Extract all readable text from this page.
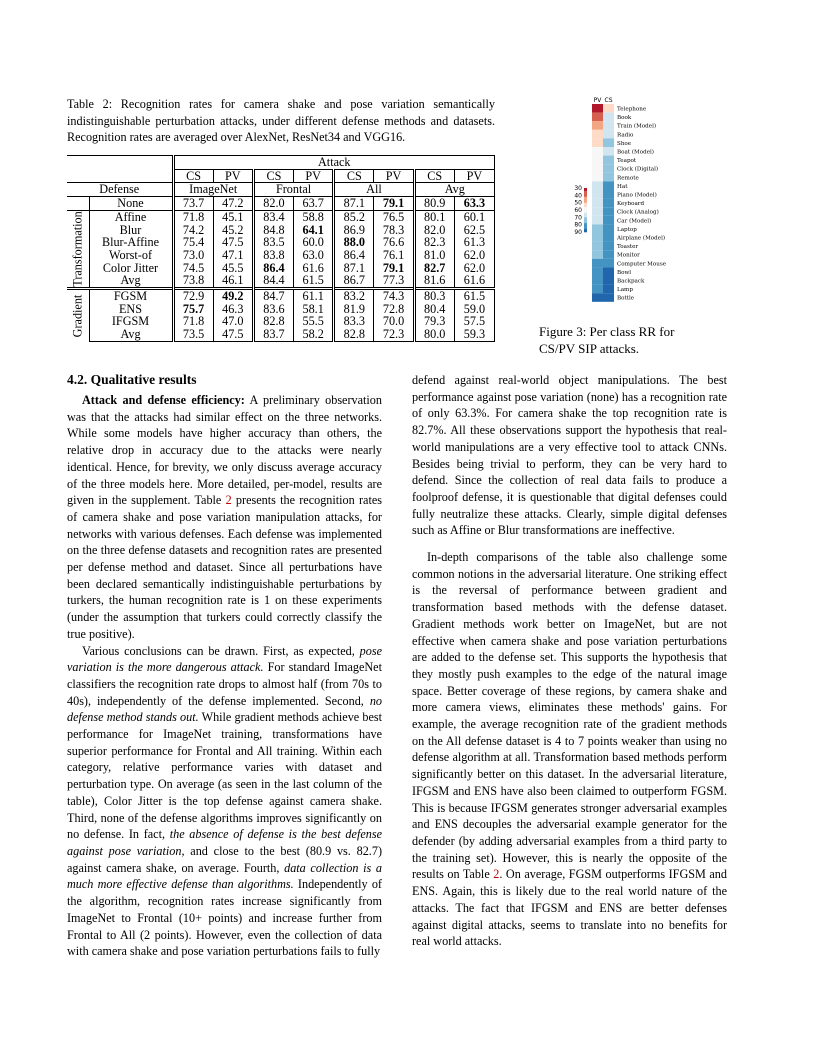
Table 2: Recognition rates for camera shake and pose variation semantically indistinguishable perturbation attacks, under different defense methods and datasets. Recognition rates are averaged over AlexNet, ResNet34 and VGG16.
		Attack							
		CS	PV	CS	PV	CS	PV	CS	PV
Defense		ImageNet		Frontal		All		Avg	
	None	73.7	47.2	82.0	63.7	87.1	79.1	80.9	63.3

Transformation	Affine	71.8	45.1	83.4	58.8	85.2	76.5	80.1	60.1
	Blur	74.2	45.2	84.8	64.1	86.9	78.3	82.0	62.5
	Blur-Affine	75.4	47.5	83.5	60.0	88.0	76.6	82.3	61.3
	Worst-of	73.0	47.1	83.8	63.0	86.4	76.1	81.0	62.0
	Color Jitter	74.5	45.5	86.4	61.6	87.1	79.1	82.7	62.0
	Avg	73.8	46.1	84.4	61.5	86.7	77.3	81.6	61.6

Gradient	FGSM	72.9	49.2	84.7	61.1	83.2	74.3	80.3	61.5
	ENS	75.7	46.3	83.6	58.1	81.9	72.8	80.4	59.0
	IFGSM	71.8	47.0	82.8	55.5	83.3	70.0	79.3	57.5
	Avg	73.5	47.5	83.7	58.2	82.8	72.3	80.0	59.3
PV CS
Telephone
Book
Train (Model)
Radio
Shoe
Boat (Model)
Teapot
Clock (Digital)
Remote
Hat
Piano (Model)
Keyboard
Clock (Analog)
Car (Model)
Laptop
Airplane (Model)
Toaster
Monitor
Computer Mouse
Bowl
Backpack
Lamp
Bottle
30
40
50
60
70
80
90
Figure 3: Per class RR for CS/PV SIP attacks.
4.2. Qualitative results

Attack and defense efficiency: A preliminary observation was that the attacks had similar effect on the three networks. While some models have higher accuracy than others, the relative drop in accuracy due to the attacks were nearly identical. Hence, for brevity, we only discuss average accuracy of the three models here. More detailed, per-model, results are given in the supplement. Table 2 presents the recognition rates of camera shake and pose variation manipulation attacks, for networks with various defenses. Each defense was implemented on the three defense datasets and recognition rates are presented per defense method and dataset. Since all perturbations have been declared semantically indistinguishable perturbations by turkers, the human recognition rate is 1 on these experiments (under the assumption that turkers could correctly classify the true positive).

Various conclusions can be drawn. First, as expected, pose variation is the more dangerous attack. For standard ImageNet classifiers the recognition rate drops to almost half (from 70s to 40s), independently of the defense implemented. Second, no defense method stands out. While gradient methods achieve best performance for ImageNet training, transformations have superior performance for Frontal and All training. Within each category, relative performance varies with dataset and perturbation type. On average (as seen in the last column of the table), Color Jitter is the top defense against camera shake. Third, none of the defense algorithms improves significantly on no defense. In fact, the absence of defense is the best defense against pose variation, and close to the best (80.9 vs. 82.7) against camera shake, on average. Fourth, data collection is a much more effective defense than algorithms. Independently of the algorithm, recognition rates increase significantly from ImageNet to Frontal (10+ points) and increase further from Frontal to All (2 points). However, even the collection of data with camera shake and pose variation perturbations fails to fully

defend against real-world object manipulations. The best performance against pose variation (none) has a recognition rate of only 63.3%. For camera shake the top recognition rate is 82.7%. All these observations support the hypothesis that real-world manipulations are a very effective tool to attack CNNs. Besides being trivial to perform, they can be very hard to defend. Since the collection of real data fails to produce a foolproof defense, it is questionable that digital defenses could fully neutralize these attacks. Clearly, simple digital defenses such as Affine or Blur transformations are ineffective.

In-depth comparisons of the table also challenge some common notions in the adversarial literature. One striking effect is the reversal of performance between gradient and transformation based methods with the defense dataset. Gradient methods work better on ImageNet, but are not effective when camera shake and pose variation perturbations are added to the defense set. This supports the hypothesis that they mostly push examples to the edge of the natural image space. Better coverage of these regions, by camera shake and more camera views, eliminates these methods' gains. For example, the average recognition rate of the gradient methods on the All defense dataset is 4 to 7 points weaker than using no defense algorithm at all. Transformation based methods perform significantly better on this dataset. In the adversarial literature, IFGSM and ENS have also been claimed to outperform FGSM. This is because IFGSM generates stronger adversarial examples and ENS decouples the adversarial example generator for the defender (by adding adversarial examples from a third party to the training set). However, this is nearly the opposite of the results on Table 2. On average, FGSM outperforms IFGSM and ENS. Again, this is likely due to the real world nature of the attacks. The fact that IFGSM and ENS are better defenses against digital attacks, seems to translate into no benefits for real world attacks.
